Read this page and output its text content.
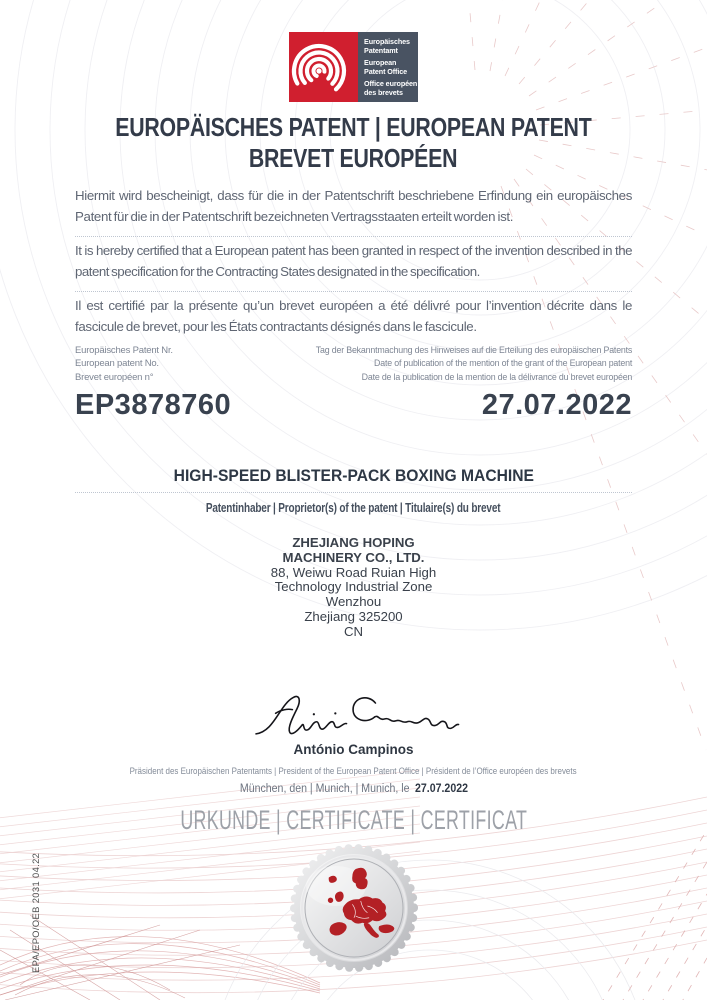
Europäisches
Patentamt
European
Patent Office
Office européen
des brevets
EUROPÄISCHES PATENT | EUROPEAN PATENT
BREVET EUROPÉEN
Hiermit wird bescheinigt, dass für die in der Patentschrift beschriebene Erfindung ein europäisches Patent für die in der Patentschrift bezeichneten Vertragsstaaten erteilt worden ist.
It is hereby certified that a European patent has been granted in respect of the invention described in the patent specification for the Contracting States designated in the specification.
Il est certifié par la présente qu’un brevet européen a été délivré pour l’invention décrite dans le fascicule de brevet, pour les États contractants désignés dans le fascicule.
Europäisches Patent Nr.
European patent No.
Brevet européen n°
Tag der Bekanntmachung des Hinweises auf die Erteilung des europäischen Patents
Date of publication of the mention of the grant of the European patent
Date de la publication de la mention de la délivrance du brevet européen
EP3878760	27.07.2022
HIGH-SPEED BLISTER-PACK BOXING MACHINE
Patentinhaber | Proprietor(s) of the patent | Titulaire(s) du brevet
ZHEJIANG HOPING
MACHINERY CO., LTD.
88, Weiwu Road Ruian High
Technology Industrial Zone
Wenzhou
Zhejiang 325200
CN
António Campinos
Präsident des Europäischen Patentamts | President of the European Patent Office | Président de l’Office européen des brevets
München, den | Munich, | Munich, le 27.07.2022
URKUNDE | CERTIFICATE | CERTIFICAT
EPA/EPO/OEB 2031 04.22
